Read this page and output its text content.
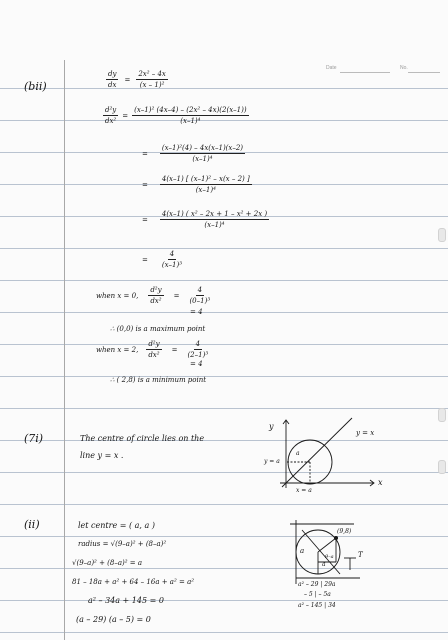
Date	No.
(bii)	$\frac{dy}{dx} = \frac{\text{2x² – 4x}}{\text{(x – 1)²}}$
$\frac{\text{d²y}}{\text{dx²}} = \frac{\text{(x–1)² (4x–4) – (2x² – 4x)(2(x–1))}}{\text{(x–1)⁴}}$
= $\frac{\text{(x–1)²(4) – 4x(x–1)(x–2)}}{\text{(x–1)⁴}}$
= $\frac{\text{4(x–1) [ (x–1)² – x(x – 2) ]}}{\text{(x–1)⁴}}$
= $\frac{\text{4(x–1) ( x² – 2x + 1 – x² + 2x )}}{\text{(x–1)⁴}}$
= $\frac{4}{\text{(x–1)³}}$
when x = 0, $\frac{\text{d²y}}{\text{dx²}} = \frac{4}{\text{(0–1)³}}$
= 4
∴ (0,0) is a maximum point
when x = 2, $\frac{\text{d²y}}{\text{dx²}} = \frac{4}{\text{(2–1)³}}$
= 4
∴ ( 2,8) is a minimum point
(7i)	The centre of circle lies on the
line y = x .
y
x
y = x
a
y = a
x = a
(ii)	let centre = ( a, a )
radius = √(9–a)² + (8–a)²
√(9–a)² + (8–a)² = a
81 – 18a + a² + 64 – 16a + a² = a²
a² – 34a + 145 = 0
(a – 29) (a – 5) = 0
(9,8)
a
a
9–a	T
a² – 29 | 29a
– 5 | – 5a
a² – 145 | 34
